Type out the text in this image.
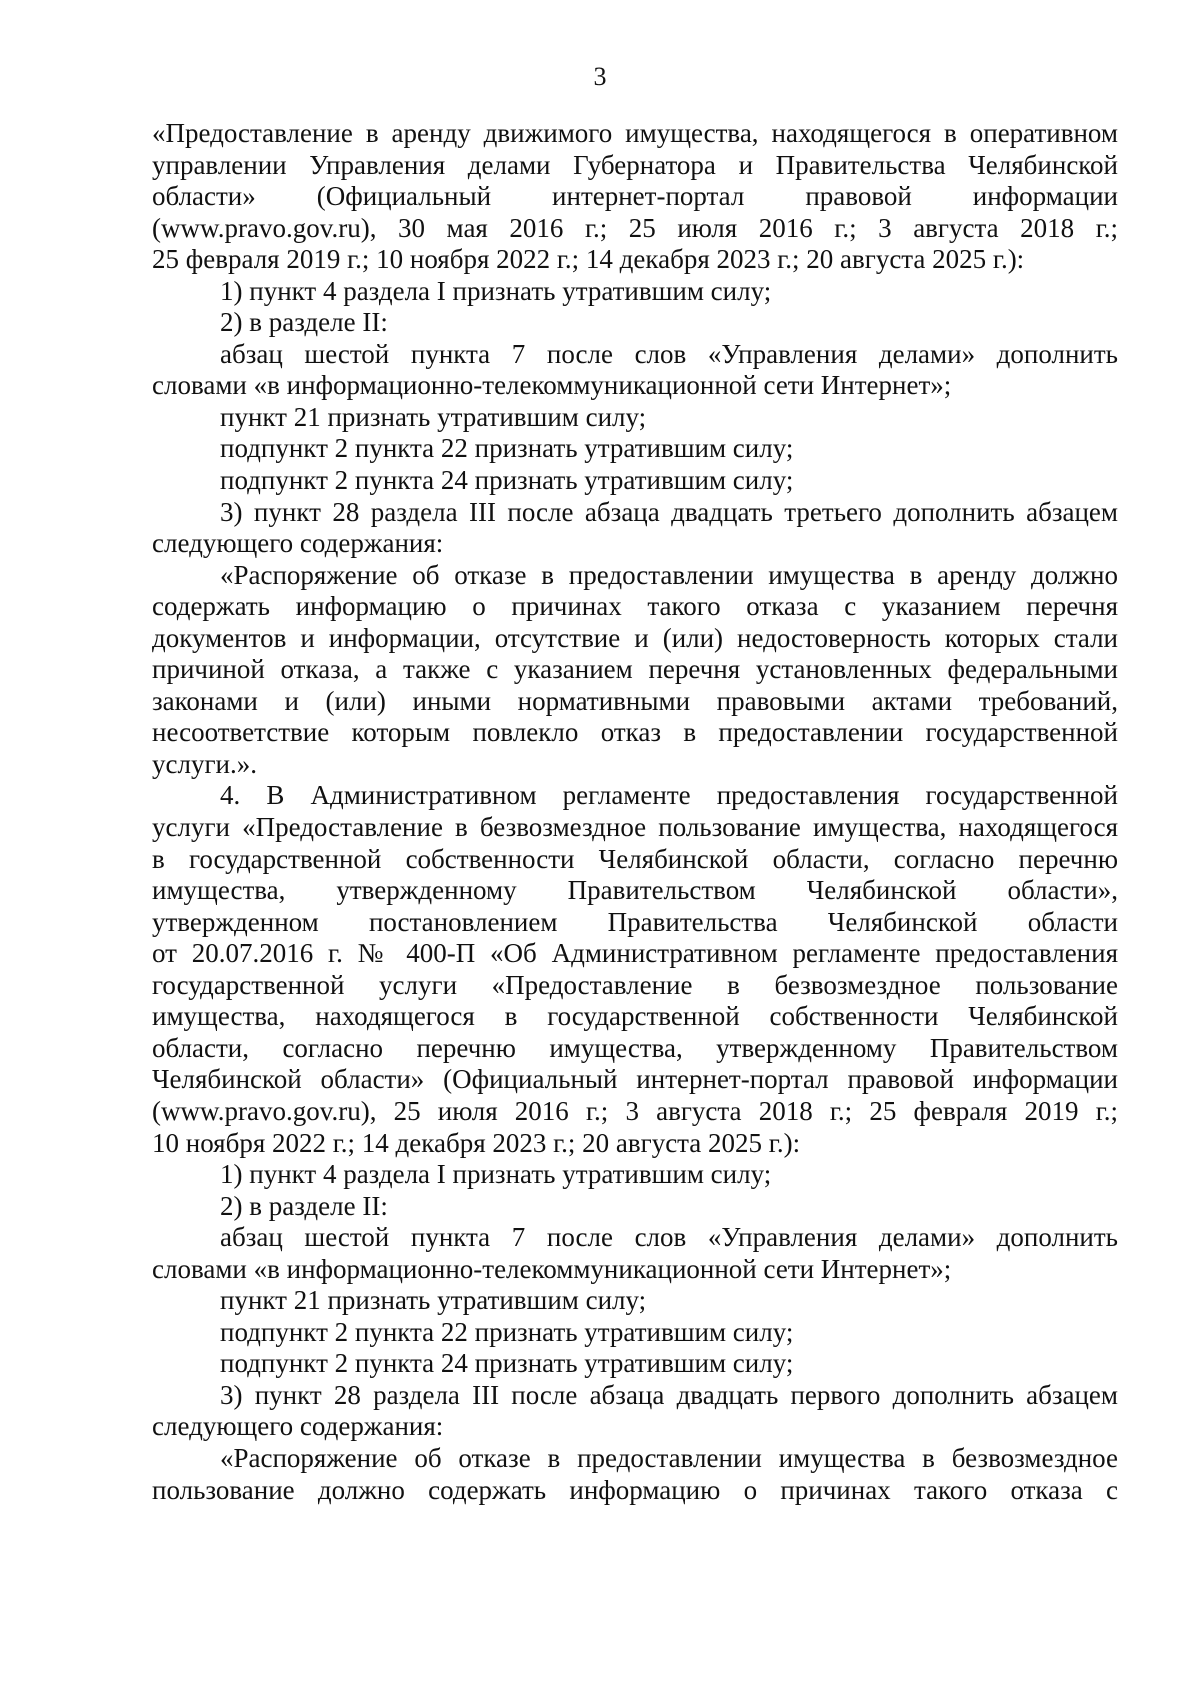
3
«Предоставление в аренду движимого имущества, находящегося в оперативном
управлении Управления делами Губернатора и Правительства Челябинской
области» (Официальный интернет-портал правовой информации
(www.pravo.gov.ru), 30 мая 2016 г.; 25 июля 2016 г.; 3 августа 2018 г.;
25 февраля 2019 г.; 10 ноября 2022 г.; 14 декабря 2023 г.; 20 августа 2025 г.):
1) пункт 4 раздела I признать утратившим силу;
2) в разделе II:
абзац шестой пункта 7 после слов «Управления делами» дополнить
словами «в информационно-телекоммуникационной сети Интернет»;
пункт 21 признать утратившим силу;
подпункт 2 пункта 22 признать утратившим силу;
подпункт 2 пункта 24 признать утратившим силу;
3) пункт 28 раздела III после абзаца двадцать третьего дополнить абзацем
следующего содержания:
«Распоряжение об отказе в предоставлении имущества в аренду должно
содержать информацию о причинах такого отказа с указанием перечня
документов и информации, отсутствие и (или) недостоверность которых стали
причиной отказа, а также с указанием перечня установленных федеральными
законами и (или) иными нормативными правовыми актами требований,
несоответствие которым повлекло отказ в предоставлении государственной
услуги.».
4. В Административном регламенте предоставления государственной
услуги «Предоставление в безвозмездное пользование имущества, находящегося
в государственной собственности Челябинской области, согласно перечню
имущества, утвержденному Правительством Челябинской области»,
утвержденном постановлением Правительства Челябинской области
от 20.07.2016 г. № 400-П «Об Административном регламенте предоставления
государственной услуги «Предоставление в безвозмездное пользование
имущества, находящегося в государственной собственности Челябинской
области, согласно перечню имущества, утвержденному Правительством
Челябинской области» (Официальный интернет-портал правовой информации
(www.pravo.gov.ru), 25 июля 2016 г.; 3 августа 2018 г.; 25 февраля 2019 г.;
10 ноября 2022 г.; 14 декабря 2023 г.; 20 августа 2025 г.):
1) пункт 4 раздела I признать утратившим силу;
2) в разделе II:
абзац шестой пункта 7 после слов «Управления делами» дополнить
словами «в информационно-телекоммуникационной сети Интернет»;
пункт 21 признать утратившим силу;
подпункт 2 пункта 22 признать утратившим силу;
подпункт 2 пункта 24 признать утратившим силу;
3) пункт 28 раздела III после абзаца двадцать первого дополнить абзацем
следующего содержания:
«Распоряжение об отказе в предоставлении имущества в безвозмездное
пользование должно содержать информацию о причинах такого отказа с
